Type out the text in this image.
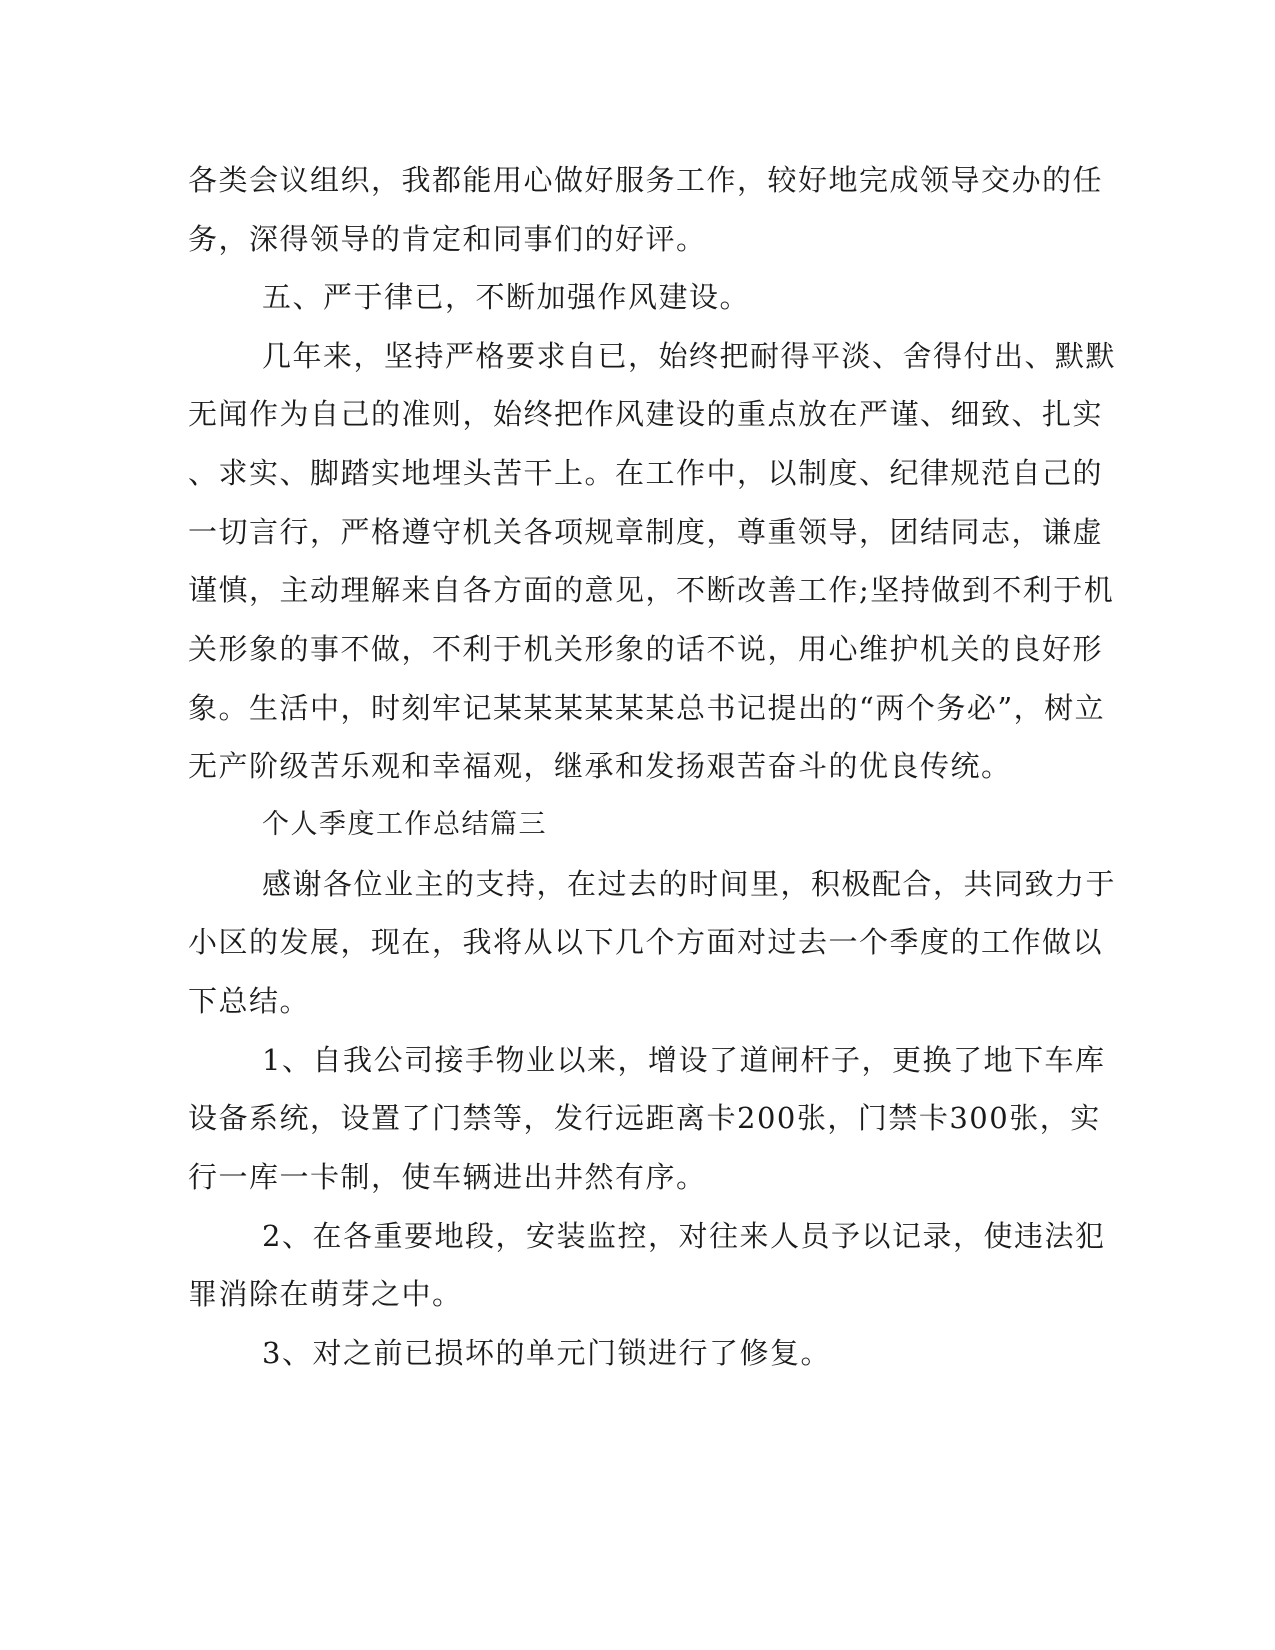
各类会议组织，我都能用心做好服务工作，较好地完成领导交办的任
务，深得领导的肯定和同事们的好评。
五、严于律已，不断加强作风建设。
几年来，坚持严格要求自已，始终把耐得平淡、舍得付出、默默
无闻作为自己的准则，始终把作风建设的重点放在严谨、细致、扎实
、求实、脚踏实地埋头苦干上。在工作中，以制度、纪律规范自己的
一切言行，严格遵守机关各项规章制度，尊重领导，团结同志，谦虚
谨慎，主动理解来自各方面的意见，不断改善工作;坚持做到不利于机
关形象的事不做，不利于机关形象的话不说，用心维护机关的良好形
象。生活中，时刻牢记某某某某某某总书记提出的“两个务必”，树立
无产阶级苦乐观和幸福观，继承和发扬艰苦奋斗的优良传统。
个人季度工作总结篇三
感谢各位业主的支持，在过去的时间里，积极配合，共同致力于
小区的发展，现在，我将从以下几个方面对过去一个季度的工作做以
下总结。
1、自我公司接手物业以来，增设了道闸杆子，更换了地下车库
设备系统，设置了门禁等，发行远距离卡200张，门禁卡300张，实
行一库一卡制，使车辆进出井然有序。
2、在各重要地段，安装监控，对往来人员予以记录，使违法犯
罪消除在萌芽之中。
3、对之前已损坏的单元门锁进行了修复。
